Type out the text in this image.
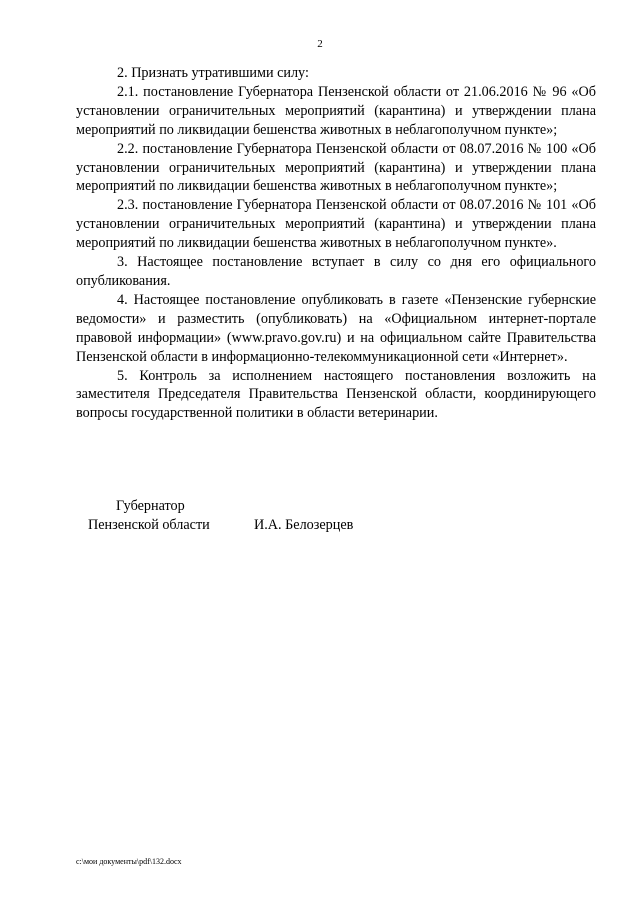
2

2. Признать утратившими силу:

2.1. постановление Губернатора Пензенской области от 21.06.2016 № 96 «Об установлении ограничительных мероприятий (карантина) и утверждении плана мероприятий по ликвидации бешенства животных в неблагополучном пункте»;

2.2. постановление Губернатора Пензенской области от 08.07.2016 № 100 «Об установлении ограничительных мероприятий (карантина) и утверждении плана мероприятий по ликвидации бешенства животных в неблагополучном пункте»;

2.3. постановление Губернатора Пензенской области от 08.07.2016 № 101 «Об установлении ограничительных мероприятий (карантина) и утверждении плана мероприятий по ликвидации бешенства животных в неблагополучном пункте».

3. Настоящее постановление вступает в силу со дня его официального опубликования.

4. Настоящее постановление опубликовать в газете «Пензенские губернские ведомости» и разместить (опубликовать) на «Официальном интернет-портале правовой информации» (www.pravo.gov.ru) и на официальном сайте Правительства Пензенской области в информационно-телекоммуникационной сети «Интернет».

5. Контроль за исполнением настоящего постановления возложить на заместителя Председателя Правительства Пензенской области, координирующего вопросы государственной политики в области ветеринарии.

Губернатор
Пензенской области	И.А. Белозерцев
c:\мои документы\pdf\132.docx
